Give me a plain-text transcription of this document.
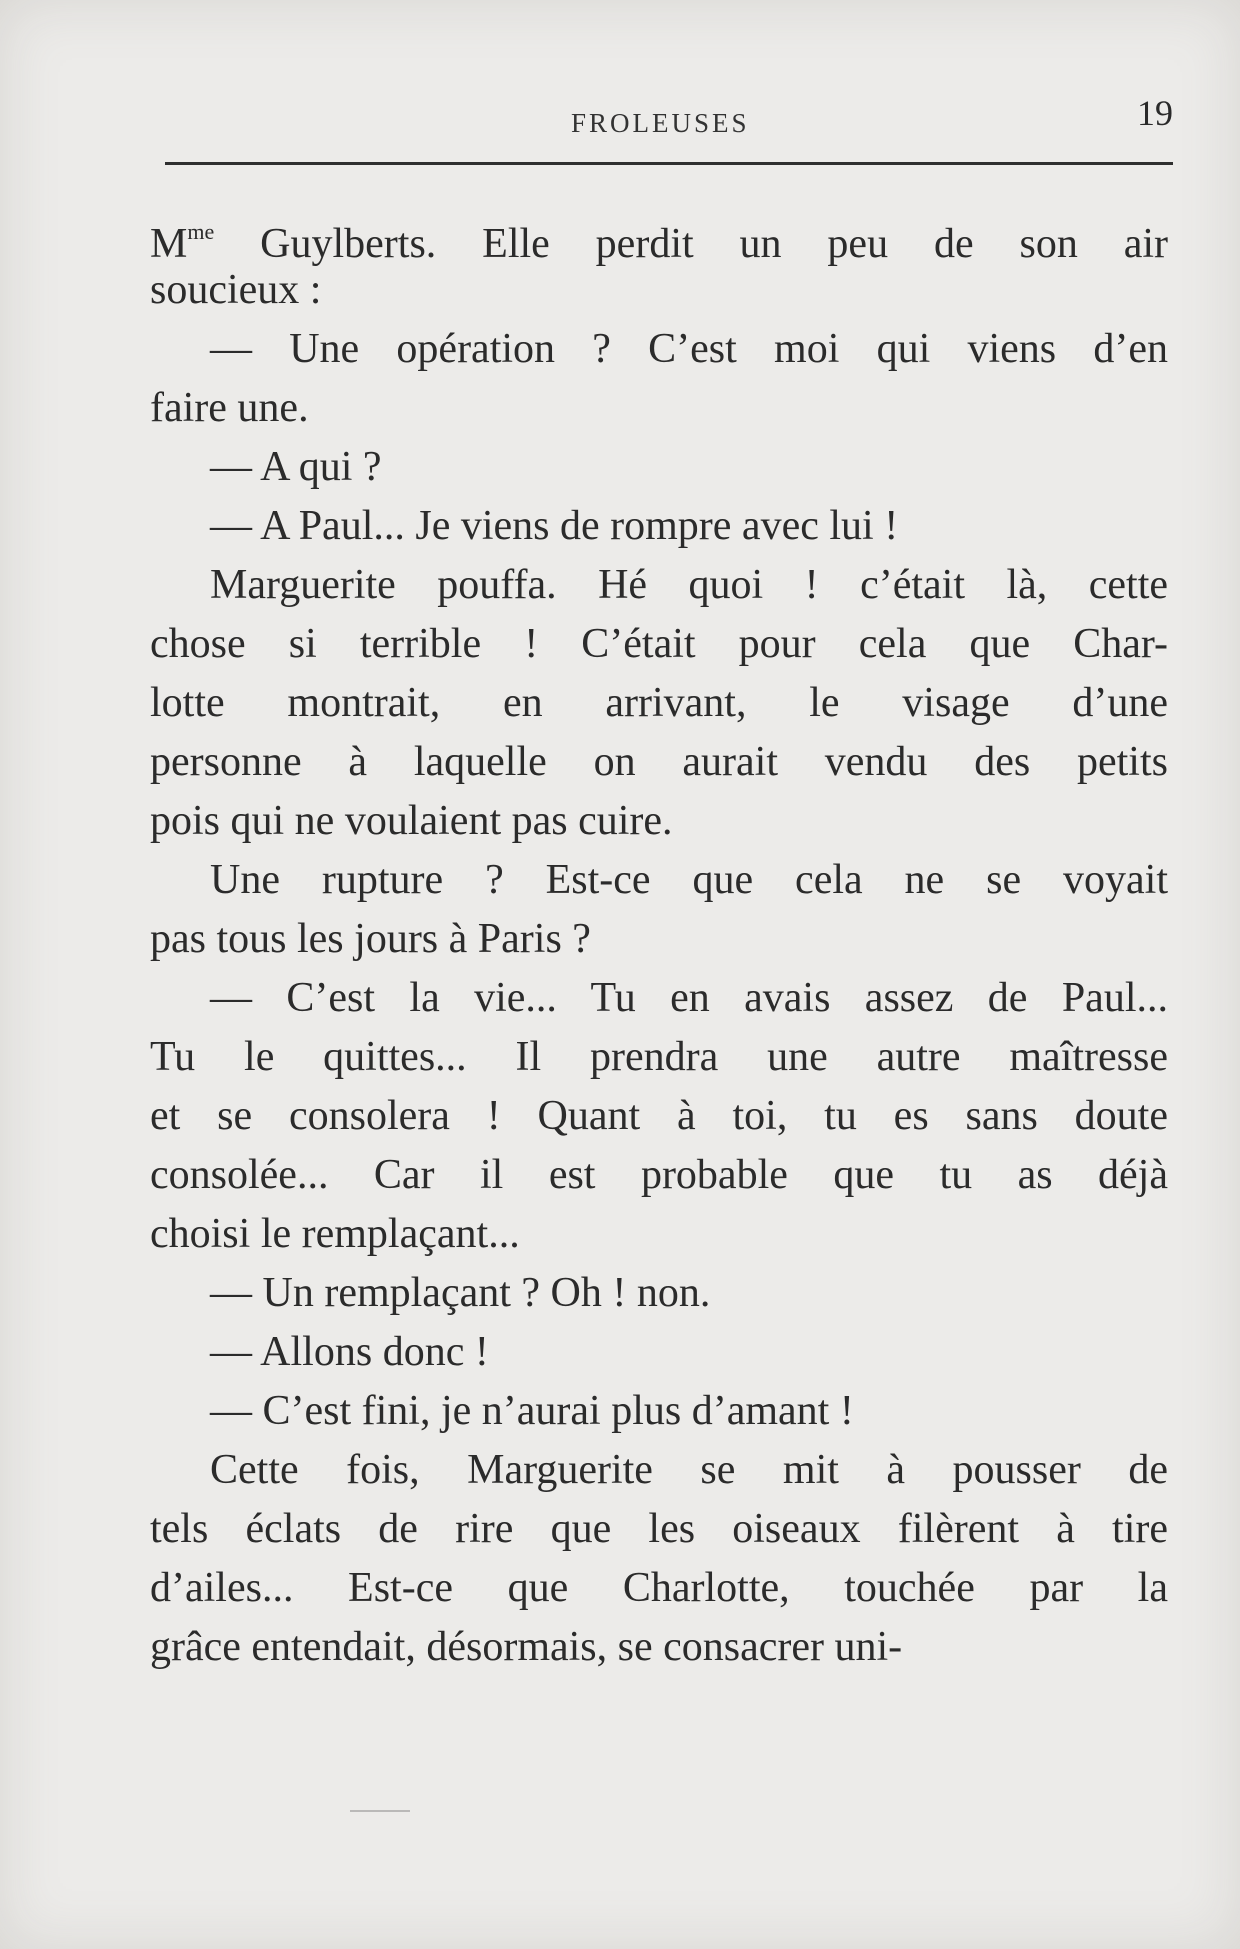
FROLEUSES	19
$M^{me}$ Guylberts. Elle perdit un peu de son air
soucieux :
— Une opération ? C’est moi qui viens d’en
faire une.
— A qui ?
— A Paul... Je viens de rompre avec lui !
Marguerite pouffa. Hé quoi ! c’était là, cette
chose si terrible ! C’était pour cela que Char-
lotte montrait, en arrivant, le visage d’une
personne à laquelle on aurait vendu des petits
pois qui ne voulaient pas cuire.
Une rupture ? Est-ce que cela ne se voyait
pas tous les jours à Paris ?
— C’est la vie... Tu en avais assez de Paul...
Tu le quittes... Il prendra une autre maîtresse
et se consolera ! Quant à toi, tu es sans doute
consolée... Car il est probable que tu as déjà
choisi le remplaçant...
— Un remplaçant ? Oh ! non.
— Allons donc !
— C’est fini, je n’aurai plus d’amant !
Cette fois, Marguerite se mit à pousser de
tels éclats de rire que les oiseaux filèrent à tire
d’ailes... Est-ce que Charlotte, touchée par la
grâce entendait, désormais, se consacrer uni-
